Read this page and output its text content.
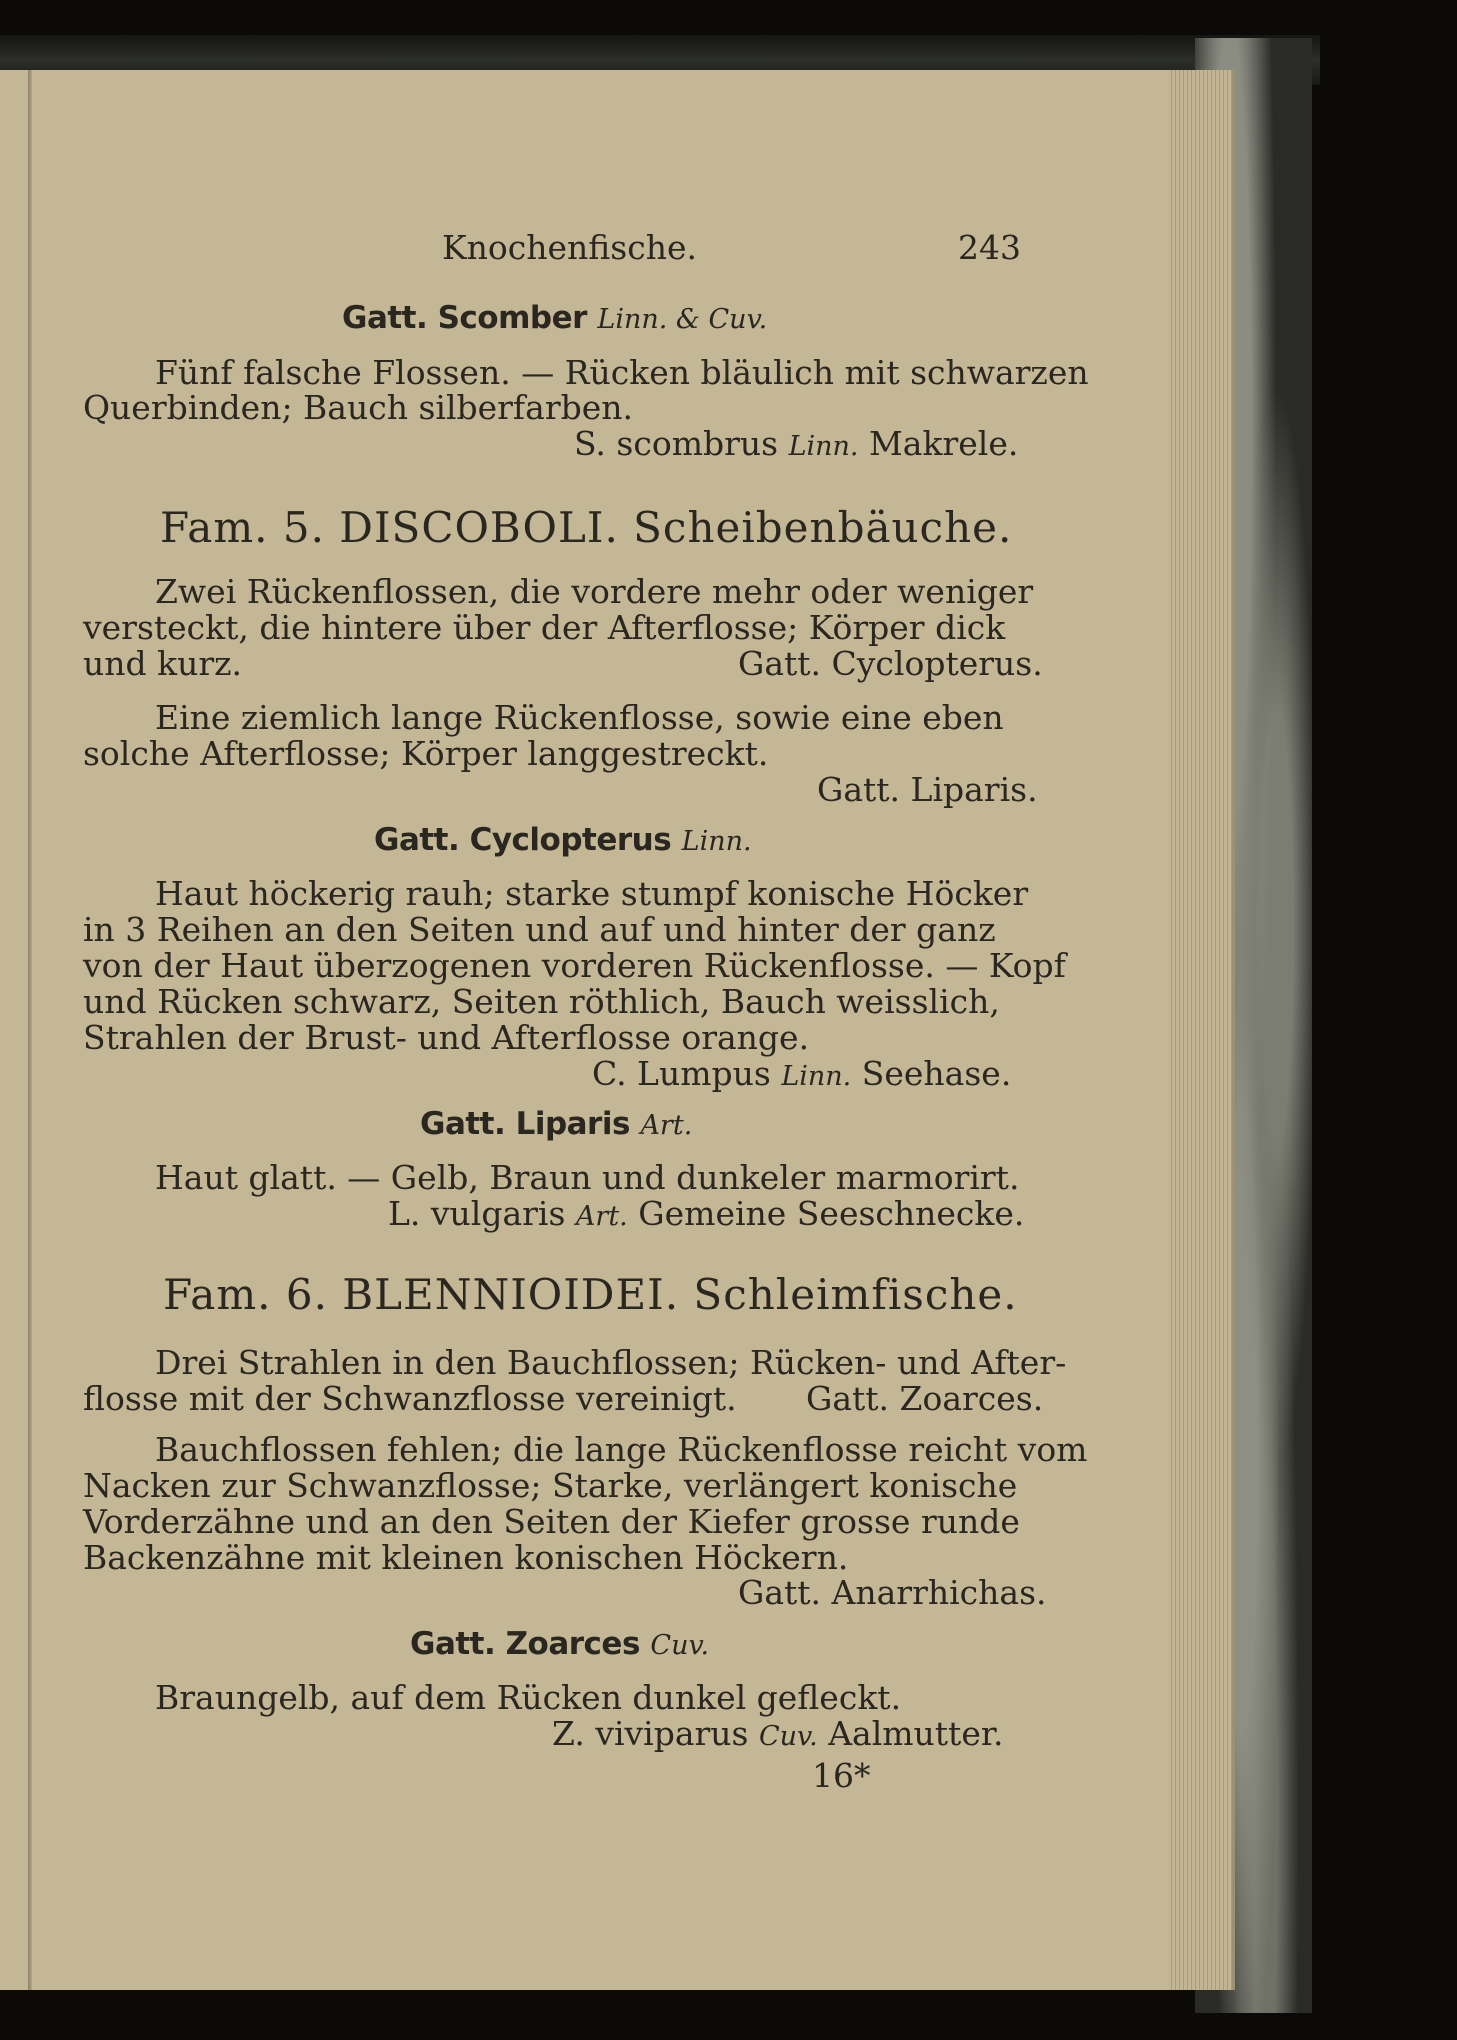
Knochenfische.	243

Gatt. Scomber Linn. & Cuv.

Fünf falsche Flossen. — Rücken bläulich mit schwarzen

Querbinden; Bauch silberfarben.

S. scombrus Linn. Makrele.

Fam. 5. DISCOBOLI. Scheibenbäuche.

Zwei Rückenflossen, die vordere mehr oder weniger

versteckt, die hintere über der Afterflosse; Körper dick

und kurz.	Gatt. Cyclopterus.

Eine ziemlich lange Rückenflosse, sowie eine eben

solche Afterflosse; Körper langgestreckt.

Gatt. Liparis.

Gatt. Cyclopterus Linn.

Haut höckerig rauh; starke stumpf konische Höcker

in 3 Reihen an den Seiten und auf und hinter der ganz

von der Haut überzogenen vorderen Rückenflosse. — Kopf

und Rücken schwarz, Seiten röthlich, Bauch weisslich,

Strahlen der Brust- und Afterflosse orange.

C. Lumpus Linn. Seehase.

Gatt. Liparis Art.

Haut glatt. — Gelb, Braun und dunkeler marmorirt.

L. vulgaris Art. Gemeine Seeschnecke.

Fam. 6. BLENNIOIDEI. Schleimfische.

Drei Strahlen in den Bauchflossen; Rücken- und After-

flosse mit der Schwanzflosse vereinigt. Gatt. Zoarces.

Bauchflossen fehlen; die lange Rückenflosse reicht vom

Nacken zur Schwanzflosse; Starke, verlängert konische

Vorderzähne und an den Seiten der Kiefer grosse runde

Backenzähne mit kleinen konischen Höckern.

Gatt. Anarrhichas.

Gatt. Zoarces Cuv.

Braungelb, auf dem Rücken dunkel gefleckt.

Z. viviparus Cuv. Aalmutter.

16*
